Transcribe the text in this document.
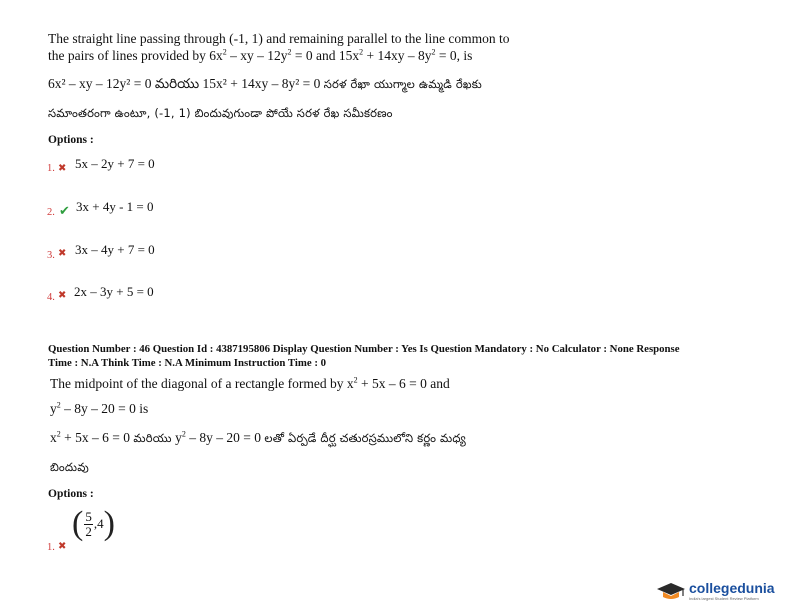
The straight line passing through (-1, 1) and remaining parallel to the line common to
the pairs of lines provided by $6x^2$ – xy – $12y^2 = 0$ and $15x^2 + 14xy - 8y^2 = 0$, is
6x² – xy – 12y² = 0 మరియు 15x² + 14xy – 8y² = 0 సరళ రేఖా యుగ్మాల ఉమ్మడి రేఖకు
సమాంతరంగా ఉంటూ, (-1, 1) బిందువుగుండా పోయే సరళ రేఖ సమీకరణం
Options :
1. ✖ 5x – 2y + 7 = 0
2. ✔ 3x + 4y - 1 = 0
3. ✖ 3x – 4y + 7 = 0
4. ✖ 2x – 3y + 5 = 0
Question Number : 46 Question Id : 4387195806 Display Question Number : Yes Is Question Mandatory : No Calculator : None Response
Time : N.A Think Time : N.A Minimum Instruction Time : 0
The midpoint of the diagonal of a rectangle formed by $x^2 + 5x - 6 = 0$ and
$y^2 - 8y - 20 = 0$ is
$x^2 + 5x - 6 = 0$ మరియు $y^2 - 8y - 20 = 0$ లతో ఏర్పడే దీర్ఘ చతురస్రములోని కర్ణం మధ్య
బిందువు
Options :
1. ✖
( $\frac{5}{2} ,4$ )
collegedunia
India's largest Student Review Platform
